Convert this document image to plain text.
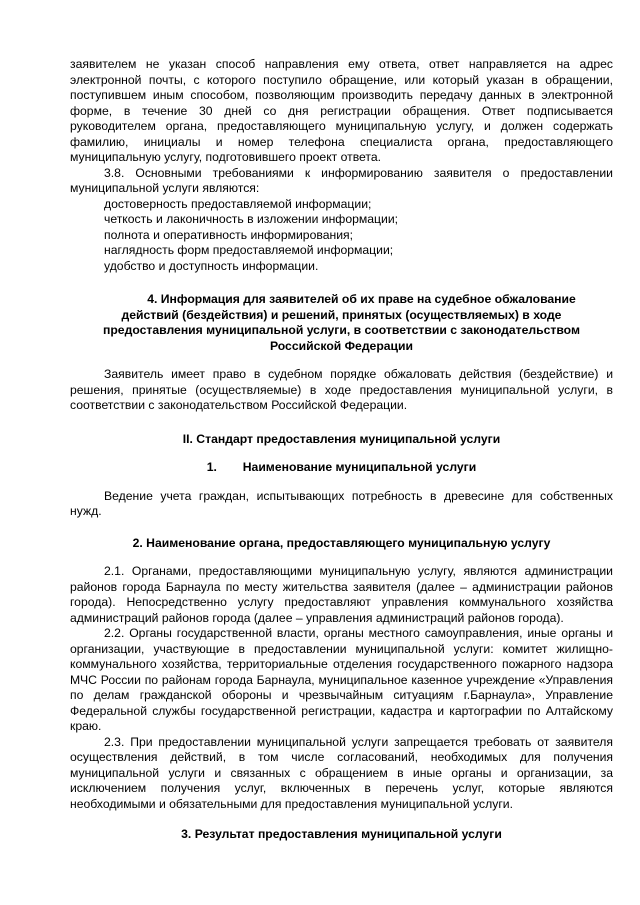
заявителем не указан способ направления ему ответа, ответ направляется на адрес электронной почты, с которого поступило обращение, или который указан в обращении, поступившем иным способом, позволяющим производить передачу данных в электронной форме, в течение 30 дней со дня регистрации обращения. Ответ подписывается руководителем органа, предоставляющего муниципальную услугу, и должен содержать фамилию, инициалы и номер телефона специалиста органа, предоставляющего муниципальную услугу, подготовившего проект ответа.

3.8. Основными требованиями к информированию заявителя о предоставлении муниципальной услуги являются:

достоверность предоставляемой информации;

четкость и лаконичность в изложении информации;

полнота и оперативность информирования;

наглядность форм предоставляемой информации;

удобство и доступность информации.

4. Информация для заявителей об их праве на судебное обжалование
действий (бездействия) и решений, принятых (осуществляемых) в ходе
предоставления муниципальной услуги, в соответствии с законодательством
Российской Федерации

Заявитель имеет право в судебном порядке обжаловать действия (бездействие) и решения, принятые (осуществляемые) в ходе предоставления муниципальной услуги, в соответствии с законодательством Российской Федерации.

II. Стандарт предоставления муниципальной услуги
1. Наименование муниципальной услуги

Ведение учета граждан, испытывающих потребность в древесине для собственных нужд.

2. Наименование органа, предоставляющего муниципальную услугу

2.1. Органами, предоставляющими муниципальную услугу, являются администрации районов города Барнаула по месту жительства заявителя (далее – администрации районов города). Непосредственно услугу предоставляют управления коммунального хозяйства администраций районов города (далее – управления администраций районов города).

2.2. Органы государственной власти, органы местного самоуправления, иные органы и организации, участвующие в предоставлении муниципальной услуги: комитет жилищно-коммунального хозяйства, территориальные отделения государственного пожарного надзора МЧС России по районам города Барнаула, муниципальное казенное учреждение «Управления по делам гражданской обороны и чрезвычайным ситуациям г.Барнаула», Управление Федеральной службы государственной регистрации, кадастра и картографии по Алтайскому краю.

2.3. При предоставлении муниципальной услуги запрещается требовать от заявителя осуществления действий, в том числе согласований, необходимых для получения муниципальной услуги и связанных с обращением в иные органы и организации, за исключением получения услуг, включенных в перечень услуг, которые являются необходимыми и обязательными для предоставления муниципальной услуги.

3. Результат предоставления муниципальной услуги
